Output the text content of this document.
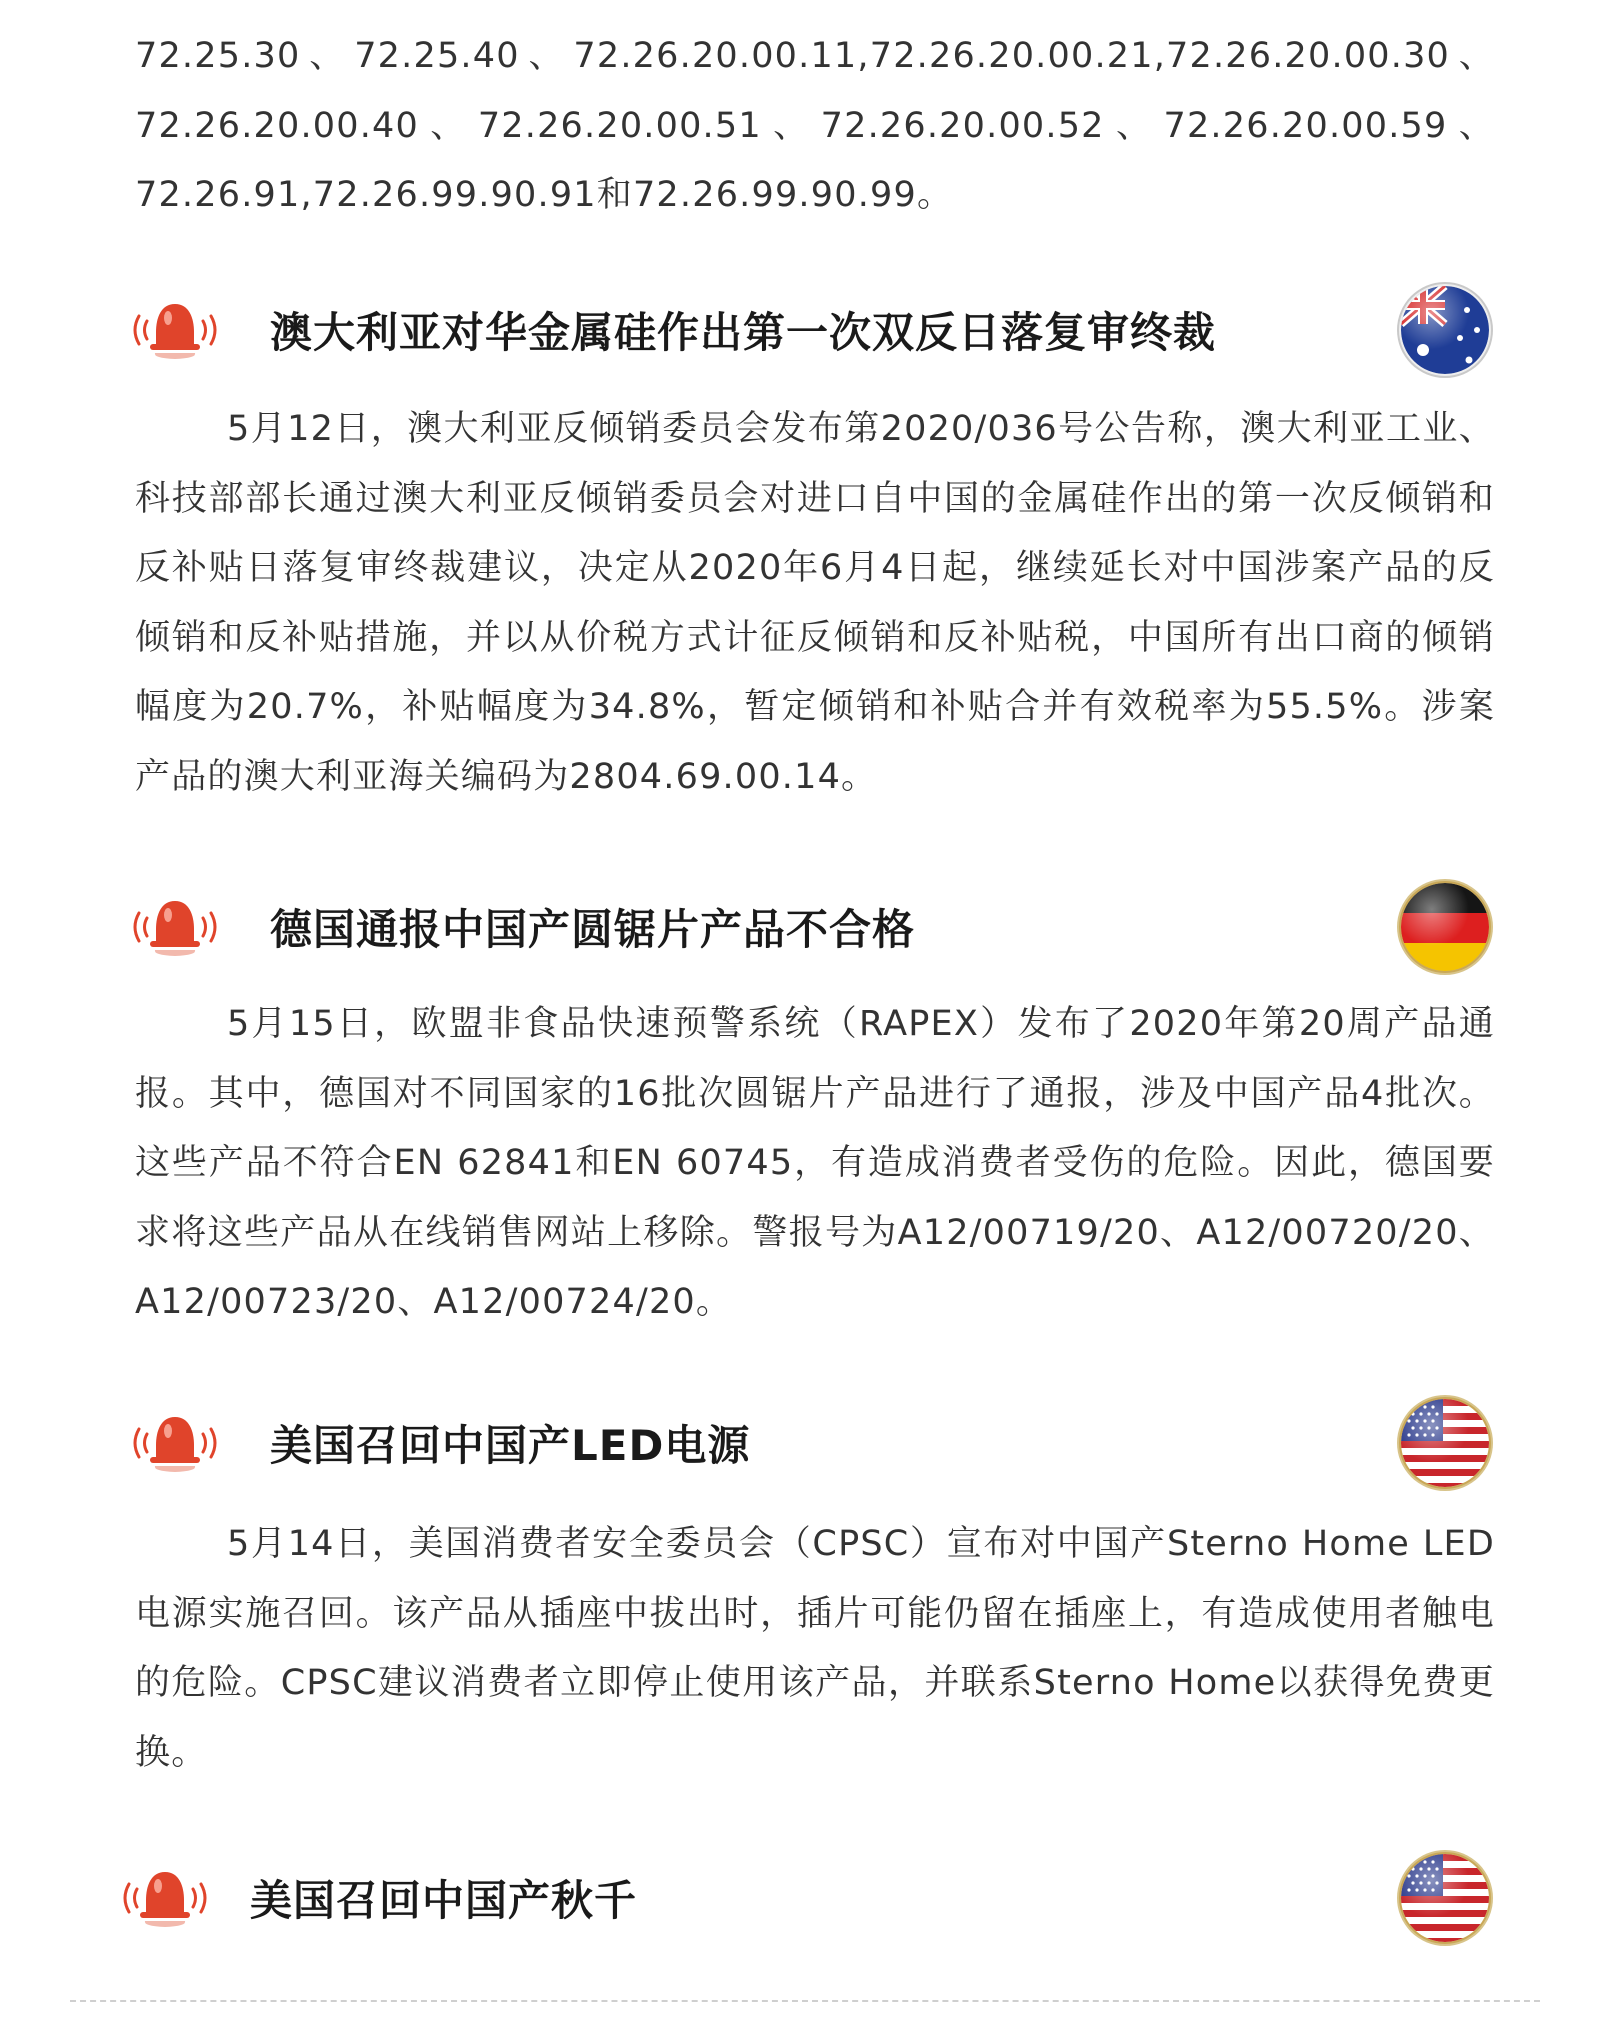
72.25.30、72.25.40、72.26.20.00.11,72.26.20.00.21,72.26.20.00.30、72.26.20.00.40、72.26.20.00.51、72.26.20.00.52、72.26.20.00.59、72.26.91,72.26.99.90.91和72.26.99.90.99。

澳大利亚对华金属硅作出第一次双反日落复审终裁

5月12日，澳大利亚反倾销委员会发布第2020/036号公告称，澳大利亚工业、科技部部长通过澳大利亚反倾销委员会对进口自中国的金属硅作出的第一次反倾销和反补贴日落复审终裁建议，决定从2020年6月4日起，继续延长对中国涉案产品的反倾销和反补贴措施，并以从价税方式计征反倾销和反补贴税，中国所有出口商的倾销幅度为20.7%，补贴幅度为34.8%，暂定倾销和补贴合并有效税率为55.5%。涉案产品的澳大利亚海关编码为2804.69.00.14。

德国通报中国产圆锯片产品不合格

5月15日，欧盟非食品快速预警系统（RAPEX）发布了2020年第20周产品通报。其中，德国对不同国家的16批次圆锯片产品进行了通报，涉及中国产品4批次。这些产品不符合EN 62841和EN 60745，有造成消费者受伤的危险。因此，德国要求将这些产品从在线销售网站上移除。警报号为A12/00719/20、A12/00720/20、A12/00723/20、A12/00724/20。

美国召回中国产LED电源

5月14日，美国消费者安全委员会（CPSC）宣布对中国产Sterno Home LED电源实施召回。该产品从插座中拔出时，插片可能仍留在插座上，有造成使用者触电的危险。CPSC建议消费者立即停止使用该产品，并联系Sterno Home以获得免费更换。

美国召回中国产秋千
